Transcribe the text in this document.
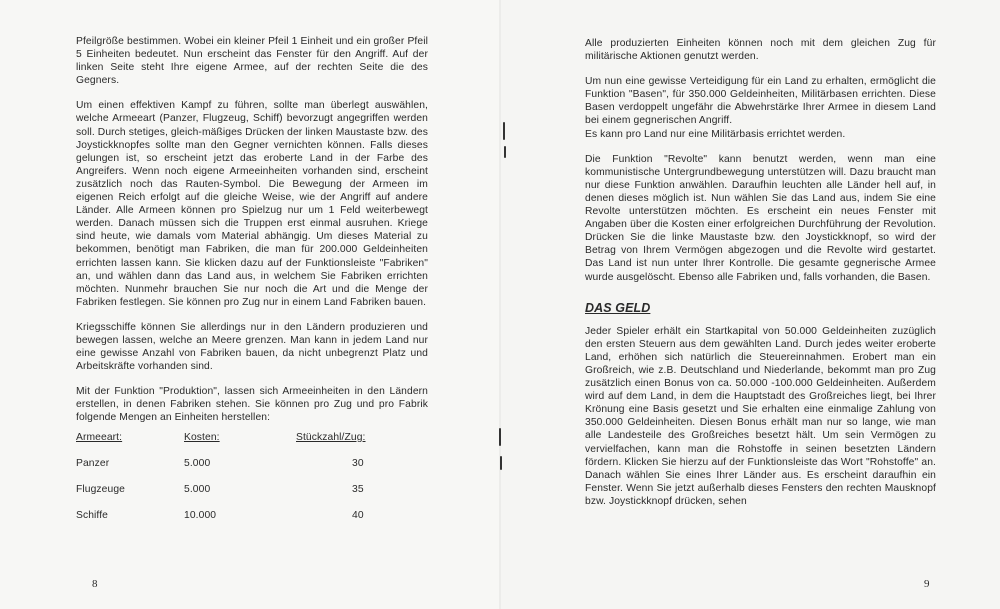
Pfeilgröße bestimmen. Wobei ein kleiner Pfeil 1 Einheit und ein großer Pfeil 5 Einheiten bedeutet. Nun erscheint das Fenster für den Angriff. Auf der linken Seite steht Ihre eigene Armee, auf der rechten Seite die des Gegners.

Um einen effektiven Kampf zu führen, sollte man überlegt auswählen, welche Armeeart (Panzer, Flugzeug, Schiff) bevorzugt angegriffen werden soll. Durch stetiges, gleich-mäßiges Drücken der linken Maustaste bzw. des Joystickknopfes sollte man den Gegner vernichten können. Falls dieses gelungen ist, so erscheint jetzt das eroberte Land in der Farbe des Angreifers. Wenn noch eigene Armeeinheiten vorhanden sind, erscheint zusätzlich noch das Rauten-Symbol. Die Bewegung der Armeen im eigenen Reich erfolgt auf die gleiche Weise, wie der Angriff auf andere Länder. Alle Armeen können pro Spielzug nur um 1 Feld weiterbewegt werden. Danach müssen sich die Truppen erst einmal ausruhen. Kriege sind heute, wie damals vom Material abhängig. Um dieses Material zu bekommen, benötigt man Fabriken, die man für 200.000 Geldeinheiten errichten lassen kann. Sie klicken dazu auf der Funktionsleiste "Fabriken" an, und wählen dann das Land aus, in welchem Sie Fabriken errichten möchten. Nunmehr brauchen Sie nur noch die Art und die Menge der Fabriken festlegen. Sie können pro Zug nur in einem Land Fabriken bauen.

Kriegsschiffe können Sie allerdings nur in den Ländern produzieren und bewegen lassen, welche an Meere grenzen. Man kann in jedem Land nur eine gewisse Anzahl von Fabriken bauen, da nicht unbegrenzt Platz und Arbeitskräfte vorhanden sind.

Mit der Funktion "Produktion", lassen sich Armeeinheiten in den Ländern erstellen, in denen Fabriken stehen. Sie können pro Zug und pro Fabrik folgende Mengen an Einheiten herstellen:

Armeeart:	Kosten:	Stückzahl/Zug:
Panzer	5.000	30
Flugzeuge	5.000	35
Schiffe	10.000	40
8

Alle produzierten Einheiten können noch mit dem gleichen Zug für militärische Aktionen genutzt werden.

Um nun eine gewisse Verteidigung für ein Land zu erhalten, ermöglicht die Funktion "Basen", für 350.000 Geldeinheiten, Militärbasen errichten. Diese Basen verdoppelt ungefähr die Abwehrstärke Ihrer Armee in diesem Land bei einem gegnerischen Angriff.
Es kann pro Land nur eine Militärbasis errichtet werden.

Die Funktion "Revolte" kann benutzt werden, wenn man eine kommunistische Untergrundbewegung unterstützen will. Dazu braucht man nur diese Funktion anwählen. Daraufhin leuchten alle Länder hell auf, in denen dieses möglich ist. Nun wählen Sie das Land aus, indem Sie eine Revolte unterstützen möchten. Es erscheint ein neues Fenster mit Angaben über die Kosten einer erfolgreichen Durchführung der Revolution. Drücken Sie die linke Maustaste bzw. den Joystickknopf, so wird der Betrag von Ihrem Vermögen abgezogen und die Revolte wird gestartet. Das Land ist nun unter Ihrer Kontrolle. Die gesamte gegnerische Armee wurde ausgelöscht. Ebenso alle Fabriken und, falls vorhanden, die Basen.

DAS GELD

Jeder Spieler erhält ein Startkapital von 50.000 Geldeinheiten zuzüglich den ersten Steuern aus dem gewählten Land. Durch jedes weiter eroberte Land, erhöhen sich natürlich die Steuereinnahmen. Erobert man ein Großreich, wie z.B. Deutschland und Niederlande, bekommt man pro Zug zusätzlich einen Bonus von ca. 50.000 -100.000 Geldeinheiten. Außerdem wird auf dem Land, in dem die Hauptstadt des Großreiches liegt, bei Ihrer Krönung eine Basis gesetzt und Sie erhalten eine einmalige Zahlung von 350.000 Geldeinheiten. Diesen Bonus erhält man nur so lange, wie man alle Landesteile des Großreiches besetzt hält. Um sein Vermögen zu vervielfachen, kann man die Rohstoffe in seinen besetzten Ländern fördern. Klicken Sie hierzu auf der Funktionsleiste das Wort "Rohstoffe" an. Danach wählen Sie eines Ihrer Länder aus. Es erscheint daraufhin ein Fenster. Wenn Sie jetzt außerhalb dieses Fensters den rechten Mausknopf bzw. Joystickknopf drücken, sehen

9
